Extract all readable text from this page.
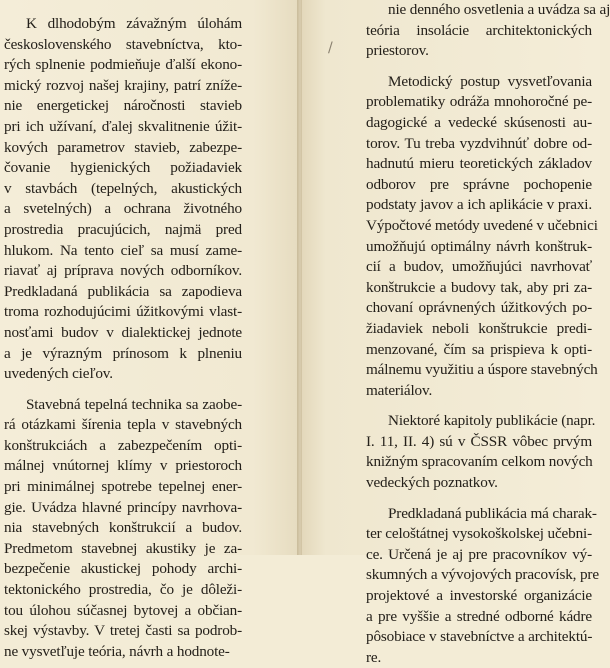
K dlhodobým závažným úlohám
československého stavebníctva, kto-
rých splnenie podmieňuje ďalší ekono-
mický rozvoj našej krajiny, patrí zníže-
nie energetickej náročnosti stavieb
pri ich užívaní, ďalej skvalitnenie úžit-
kových parametrov stavieb, zabezpe-
čovanie hygienických požiadaviek
v stavbách (tepelných, akustických
a svetelných) a ochrana životného
prostredia pracujúcich, najmä pred
hlukom. Na tento cieľ sa musí zame-
riavať aj príprava nových odborníkov.
Predkladaná publikácia sa zapodieva
troma rozhodujúcimi úžitkovými vlast-
nosťami budov v dialektickej jednote
a je výrazným prínosom k plneniu
uvedených cieľov.
Stavebná tepelná technika sa zaobe-
rá otázkami šírenia tepla v stavebných
konštrukciách a zabezpečením opti-
málnej vnútornej klímy v priestoroch
pri minimálnej spotrebe tepelnej ener-
gie. Uvádza hlavné princípy navrhova-
nia stavebných konštrukcií a budov.
Predmetom stavebnej akustiky je za-
bezpečenie akustickej pohody archi-
tektonického prostredia, čo je dôleži-
tou úlohou súčasnej bytovej a občian-
skej výstavby. V tretej časti sa podrob-
ne vysvetľuje teória, návrh a hodnote-
/
nie denného osvetlenia a uvádza sa aj
teória insolácie architektonických
priestorov.
Metodický postup vysvetľovania
problematiky odráža mnohoročné pe-
dagogické a vedecké skúsenosti au-
torov. Tu treba vyzdvihnúť dobre od-
hadnutú mieru teoretických základov
odborov pre správne pochopenie
podstaty javov a ich aplikácie v praxi.
Výpočtové metódy uvedené v učebnici
umožňujú optimálny návrh konštruk-
cií a budov, umožňujúci navrhovať
konštrukcie a budovy tak, aby pri za-
chovaní oprávnených úžitkových po-
žiadaviek neboli konštrukcie predi-
menzované, čím sa prispieva k opti-
málnemu využitiu a úspore stavebných
materiálov.
Niektoré kapitoly publikácie (napr.
I. 11, II. 4) sú v ČSSR vôbec prvým
knižným spracovaním celkom nových
vedeckých poznatkov.
Predkladaná publikácia má charak-
ter celoštátnej vysokoškolskej učebni-
ce. Určená je aj pre pracovníkov vý-
skumných a vývojových pracovísk, pre
projektové a investorské organizácie
a pre vyššie a stredné odborné kádre
pôsobiace v stavebníctve a architektú-
re.
